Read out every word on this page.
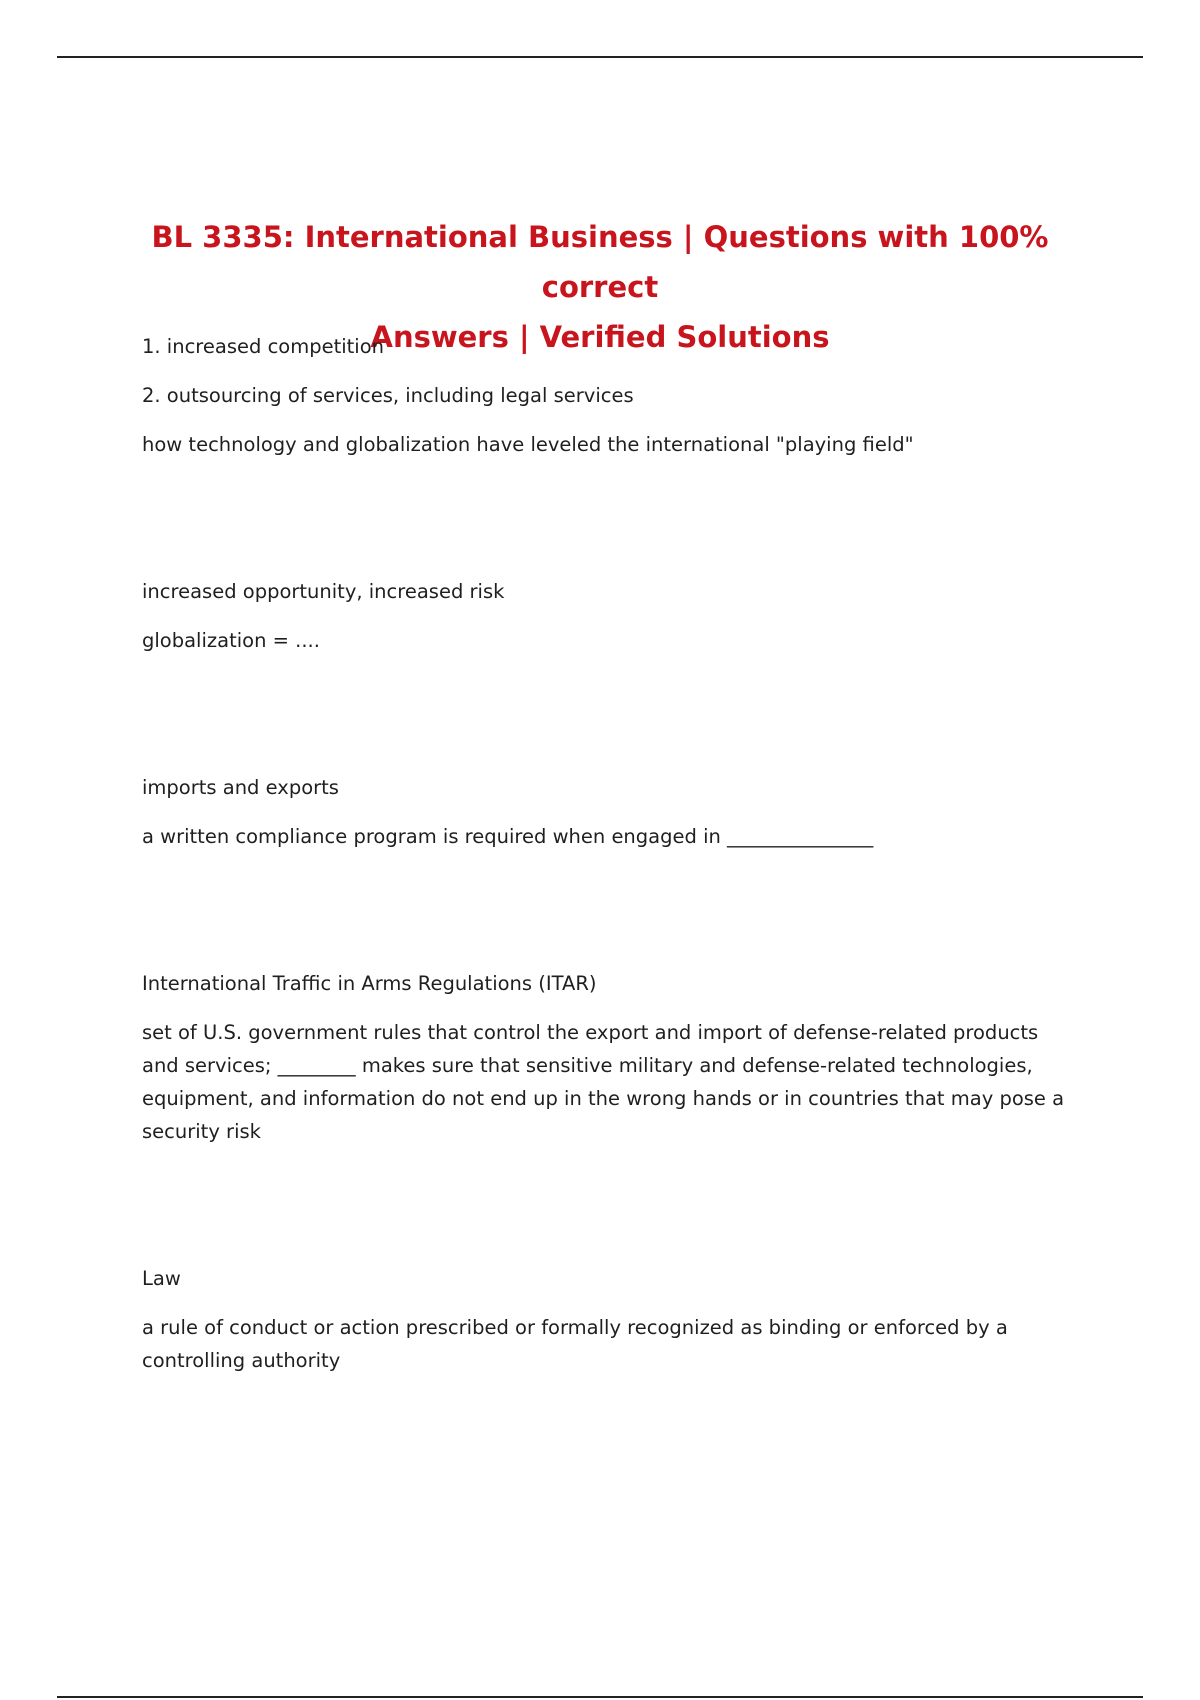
BL 3335: International Business | Questions with 100% correct
Answers | Verified Solutions

1. increased competition

2. outsourcing of services, including legal services

how technology and globalization have leveled the international "playing field"

increased opportunity, increased risk

globalization = ....

imports and exports

a written compliance program is required when engaged in _______________

International Traffic in Arms Regulations (ITAR)

set of U.S. government rules that control the export and import of defense-related products and services; ________ makes sure that sensitive military and defense-related technologies, equipment, and information do not end up in the wrong hands or in countries that may pose a security risk

Law

a rule of conduct or action prescribed or formally recognized as binding or enforced by a controlling authority
